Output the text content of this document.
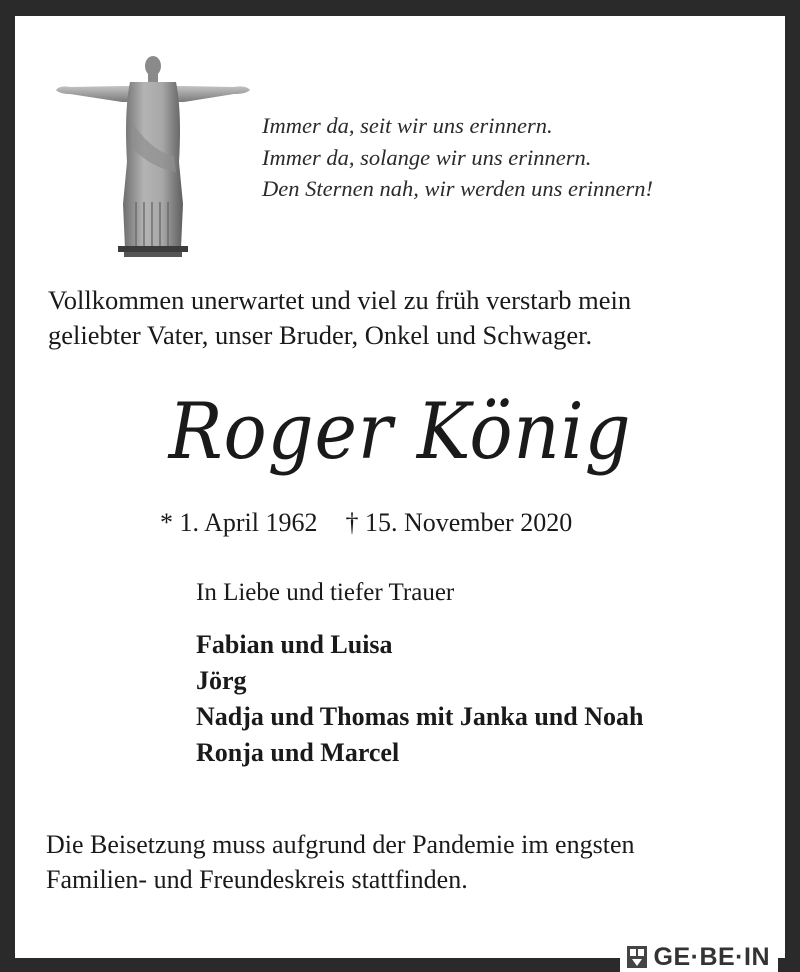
Immer da, seit wir uns erinnern.
Immer da, solange wir uns erinnern.
Den Sternen nah, wir werden uns erinnern!
Vollkommen unerwartet und viel zu früh verstarb mein
geliebter Vater, unser Bruder, Onkel und Schwager.
Roger König
* 1. April 1962 † 15. November 2020
In Liebe und tiefer Trauer
Fabian und Luisa
Jörg
Nadja und Thomas mit Janka und Noah
Ronja und Marcel
Die Beisetzung muss aufgrund der Pandemie im engsten
Familien- und Freundeskreis stattfinden.
GE·BE·IN
